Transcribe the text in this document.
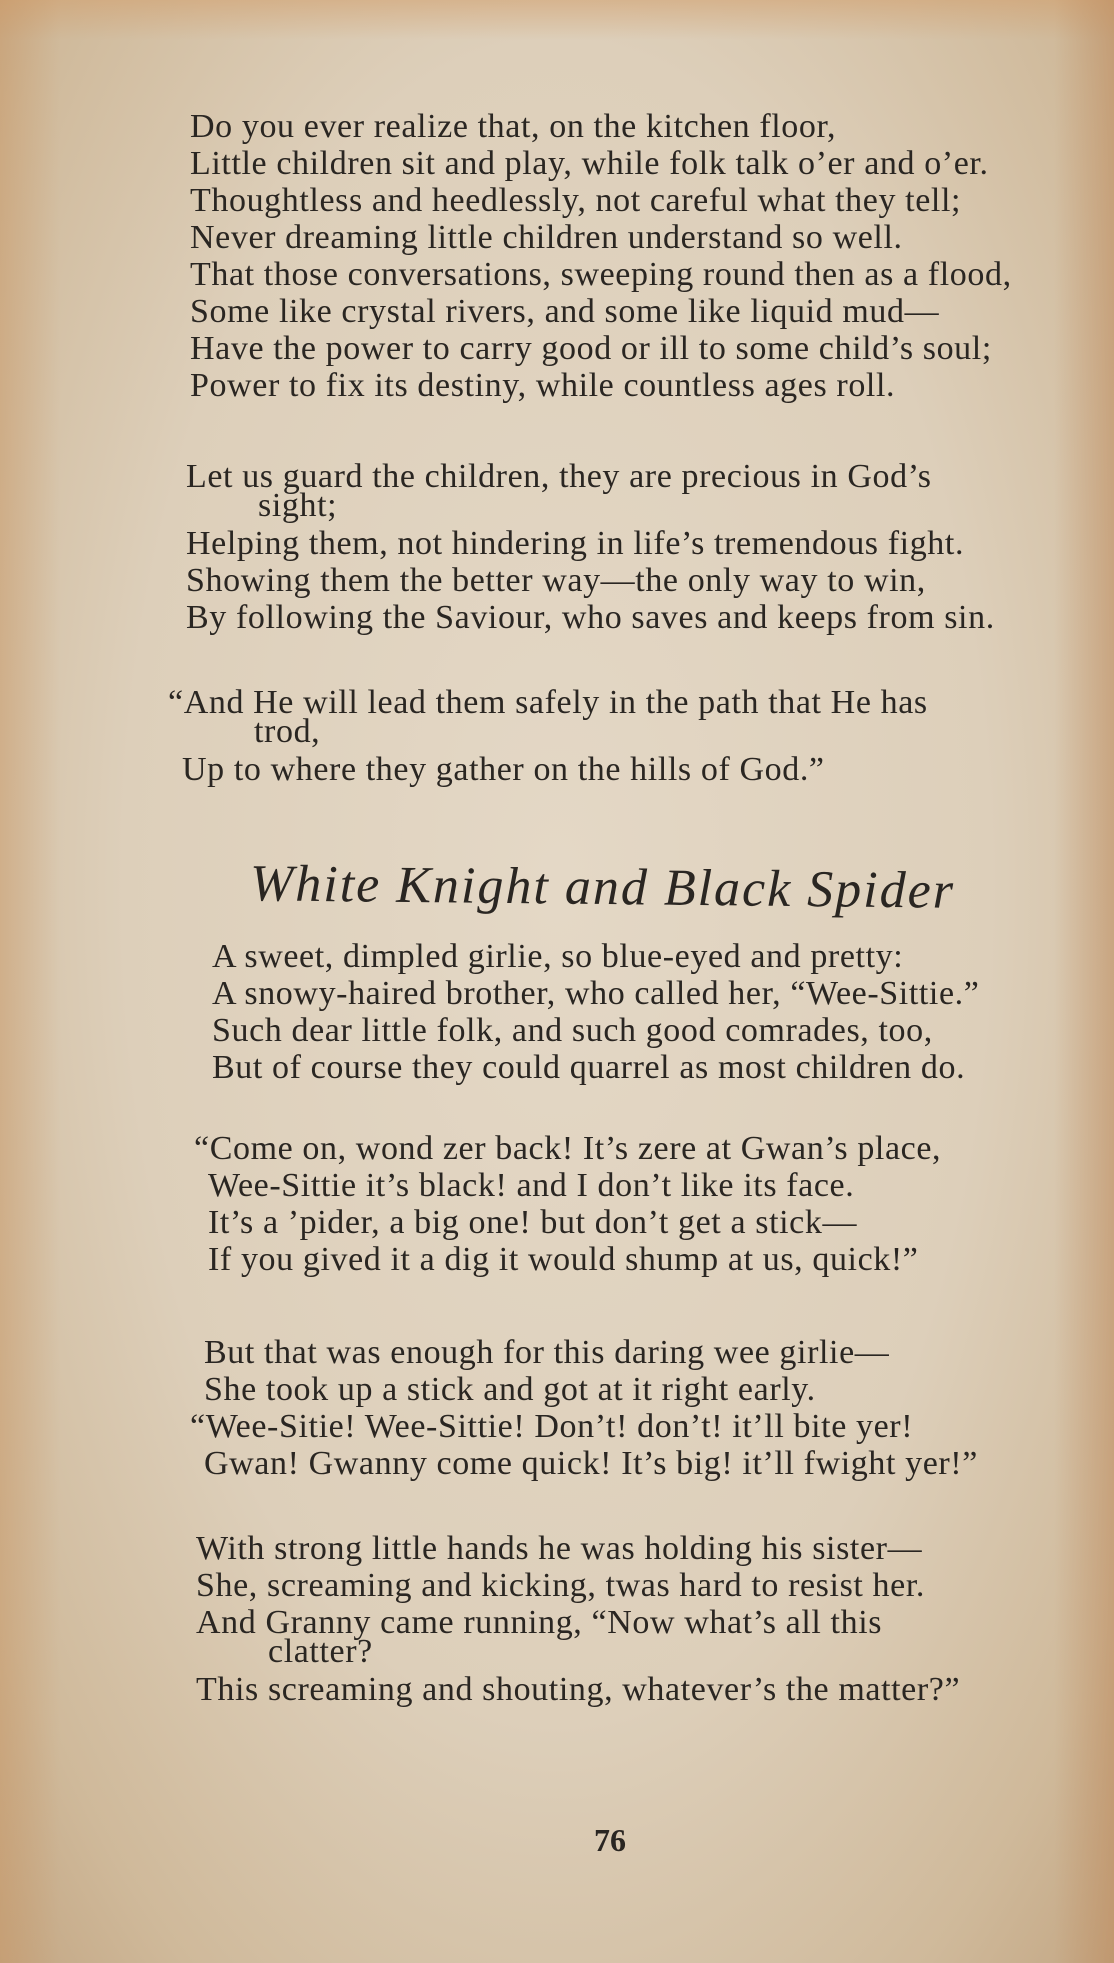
Do you ever realize that, on the kitchen floor,
Little children sit and play, while folk talk o’er and o’er.
Thoughtless and heedlessly, not careful what they tell;
Never dreaming little children understand so well.
That those conversations, sweeping round then as a flood,
Some like crystal rivers, and some like liquid mud—
Have the power to carry good or ill to some child’s soul;
Power to fix its destiny, while countless ages roll.
Let us guard the children, they are precious in God’s
sight;
Helping them, not hindering in life’s tremendous fight.
Showing them the better way—the only way to win,
By following the Saviour, who saves and keeps from sin.
“And He will lead them safely in the path that He has
trod,
Up to where they gather on the hills of God.”
White Knight and Black Spider
A sweet, dimpled girlie, so blue-eyed and pretty:
A snowy-haired brother, who called her, “Wee-Sittie.”
Such dear little folk, and such good comrades, too,
But of course they could quarrel as most children do.
“Come on, wond zer back! It’s zere at Gwan’s place,
Wee-Sittie it’s black! and I don’t like its face.
It’s a ’pider, a big one! but don’t get a stick—
If you gived it a dig it would shump at us, quick!”
But that was enough for this daring wee girlie—
She took up a stick and got at it right early.
“Wee-Sitie! Wee-Sittie! Don’t! don’t! it’ll bite yer!
Gwan! Gwanny come quick! It’s big! it’ll fwight yer!”
With strong little hands he was holding his sister—
She, screaming and kicking, twas hard to resist her.
And Granny came running, “Now what’s all this
clatter?
This screaming and shouting, whatever’s the matter?”
76
